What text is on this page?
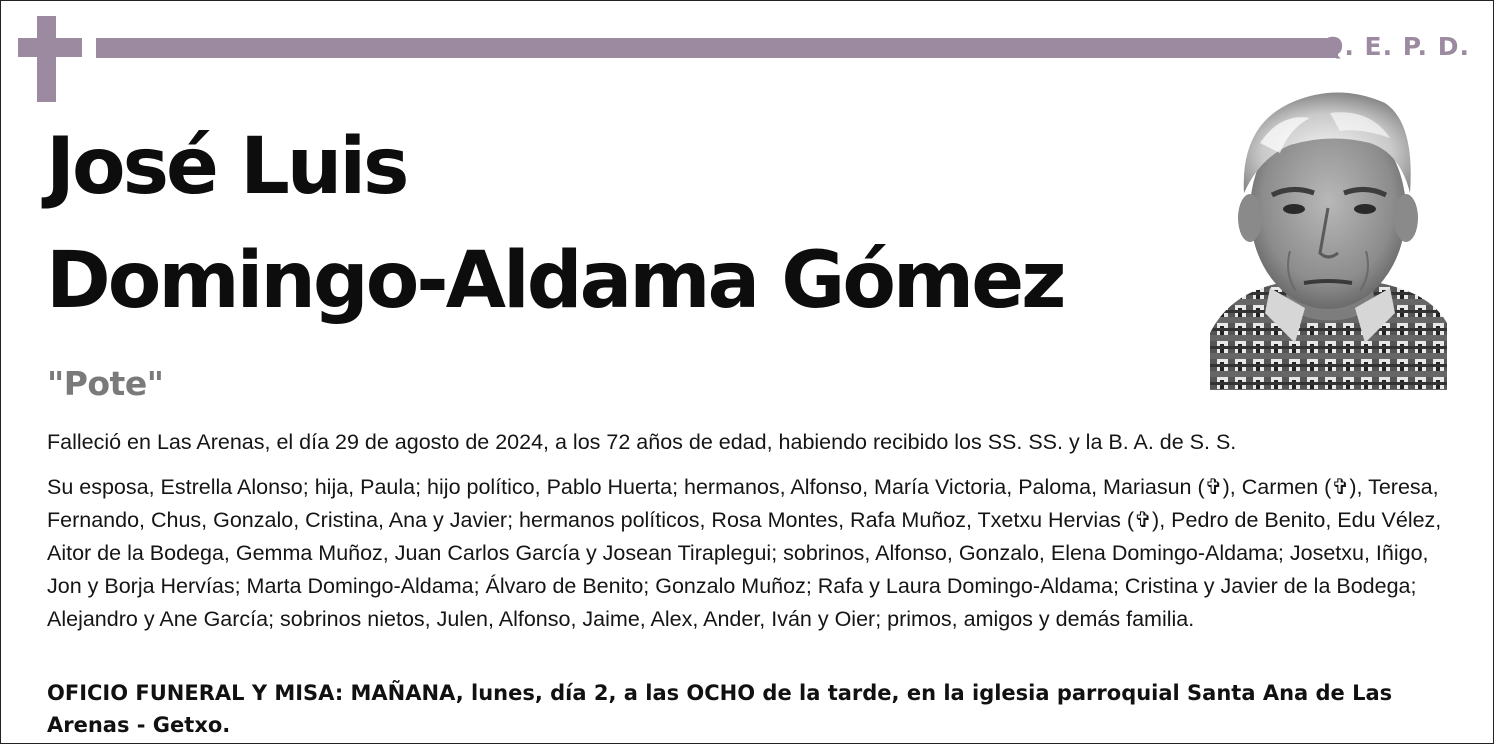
Q. E. P. D.
José Luis
Domingo-Aldama Gómez
"Pote"
Falleció en Las Arenas, el día 29 de agosto de 2024, a los 72 años de edad, habiendo recibido los SS. SS. y la B. A. de S. S.
Su esposa, Estrella Alonso; hija, Paula; hijo político, Pablo Huerta; hermanos, Alfonso, María Victoria, Paloma, Mariasun (✞), Carmen (✞), Teresa, Fernando, Chus, Gonzalo, Cristina, Ana y Javier; hermanos políticos, Rosa Montes, Rafa Muñoz, Txetxu Hervias (✞), Pedro de Benito, Edu Vélez, Aitor de la Bodega, Gemma Muñoz, Juan Carlos García y Josean Tiraplegui; sobrinos, Alfonso, Gonzalo, Elena Domingo-Aldama; Josetxu, Iñigo, Jon y Borja Hervías; Marta Domingo-Aldama; Álvaro de Benito; Gonzalo Muñoz; Rafa y Laura Domingo-Aldama; Cristina y Javier de la Bodega; Alejandro y Ane García; sobrinos nietos, Julen, Alfonso, Jaime, Alex, Ander, Iván y Oier; primos, amigos y demás familia.
OFICIO FUNERAL Y MISA: MAÑANA, lunes, día 2, a las OCHO de la tarde, en la iglesia parroquial Santa Ana de Las Arenas - Getxo.
